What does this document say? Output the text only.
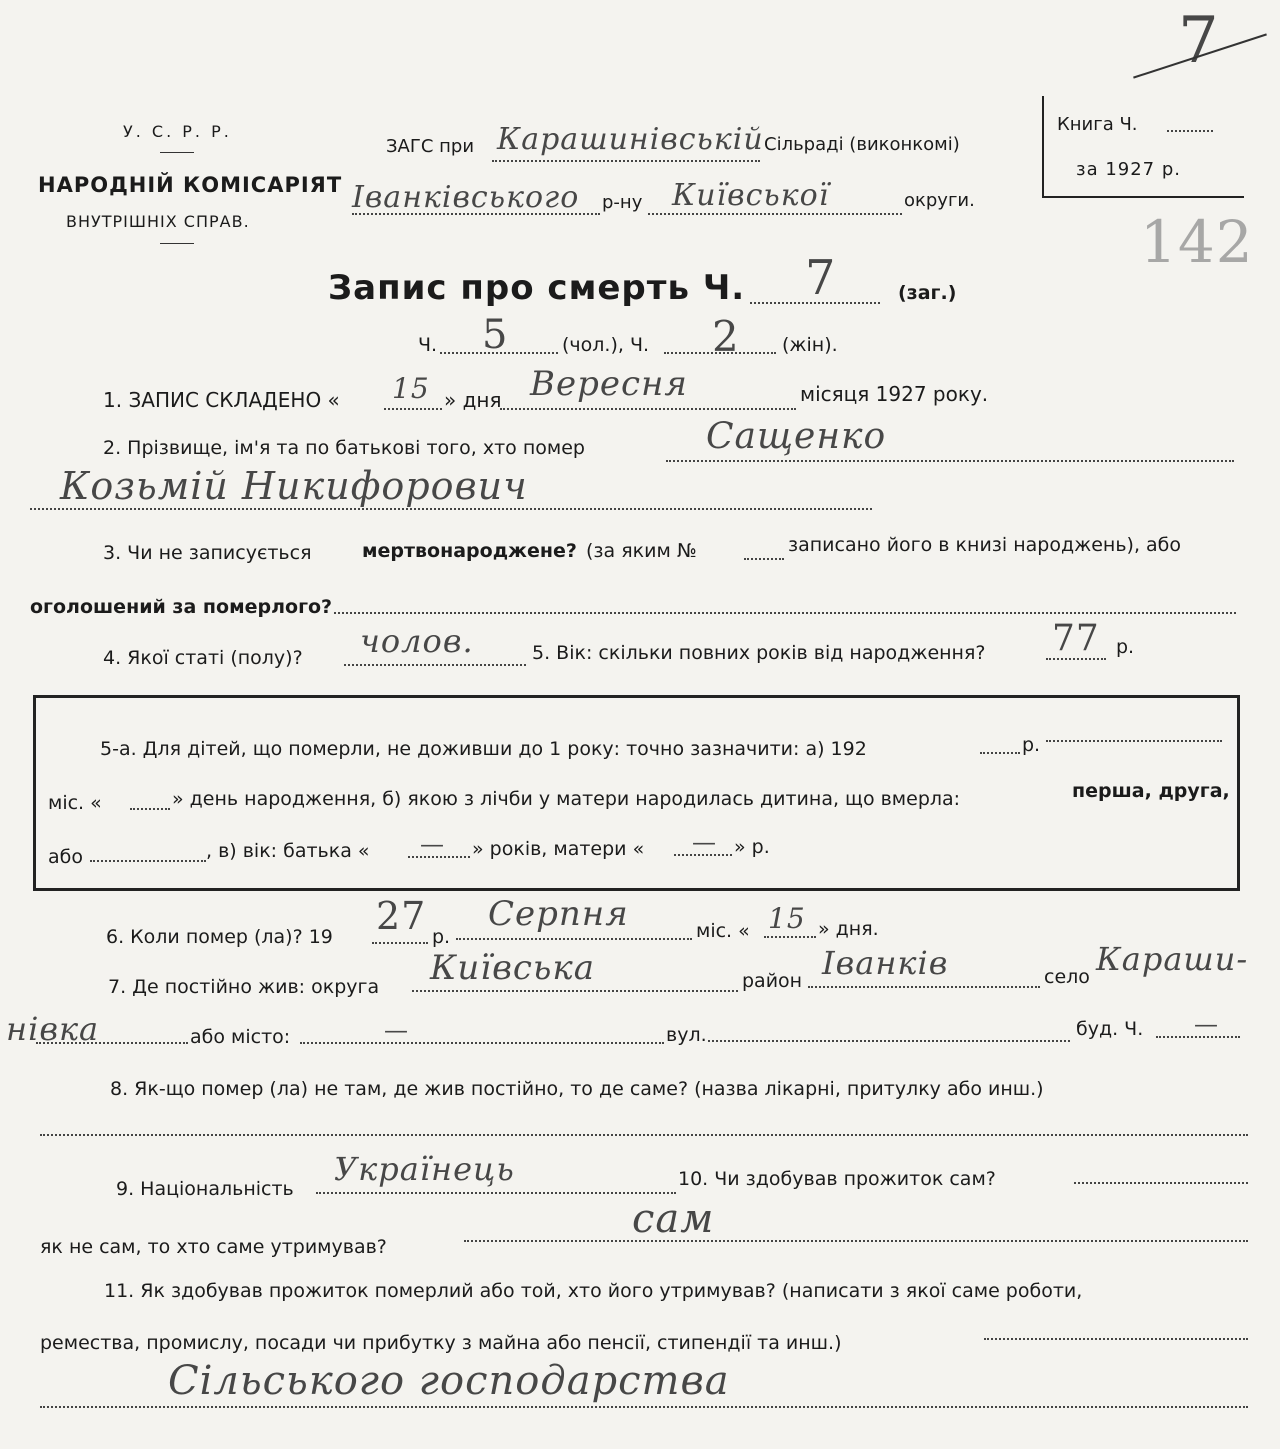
У. С. Р. Р.
НАРОДНІЙ КОМІСАРІЯТ
ВНУТРІШНІХ СПРАВ.
ЗАГС при Карашинівській Сільраді (виконкомі)
Іванківського р-ну Київської	округи.
Книга Ч.
за 1927 р.
7
142
Запис про смерть Ч. 7	(заг.)
Ч. 5	(чол.), Ч. 2 (жін).
1. ЗАПИС СКЛАДЕНО « 15 » дня Вересня	місяця 1927 року.
2. Прізвище, ім'я та по батькові того, хто помер	Сащенко
Козьмій Никифорович
3. Чи не записується	мертвонароджене? (за яким №	записано його в книзі народжень), або
оголошений за померлого?
4. Якої статі (полу)? чолов.	5. Вік: скільки повних років від народження? 77 р.
5-а. Для дітей, що померли, не доживши до 1 року: точно зазначити: а) 192	р.
міс. «	» день народження, б) якою з лічби у матери народилась дитина, що вмерла:	перша, друга,
або	, в) вік: батька « — » років, матери « — » р.
6. Коли помер (ла)? 19 27 р.
Серпня	міс. « 15 » дня.
7. Де постійно жив: округа Київська	район Іванків	село Караши-
нівка	або місто:	—	вул.	буд. Ч. —
8. Як-що помер (ла) не там, де жив постійно, то де саме? (назва лікарні, притулку або инш.)
9. Національність
Українець	10. Чи здобував прожиток сам?
як не сам, то хто саме утримував?
сам
11. Як здобував прожиток померлий або той, хто його утримував? (написати з якої саме роботи,
ремества, промислу, посади чи прибутку з майна або пенсії, стипендії та инш.)
Сільського господарства
